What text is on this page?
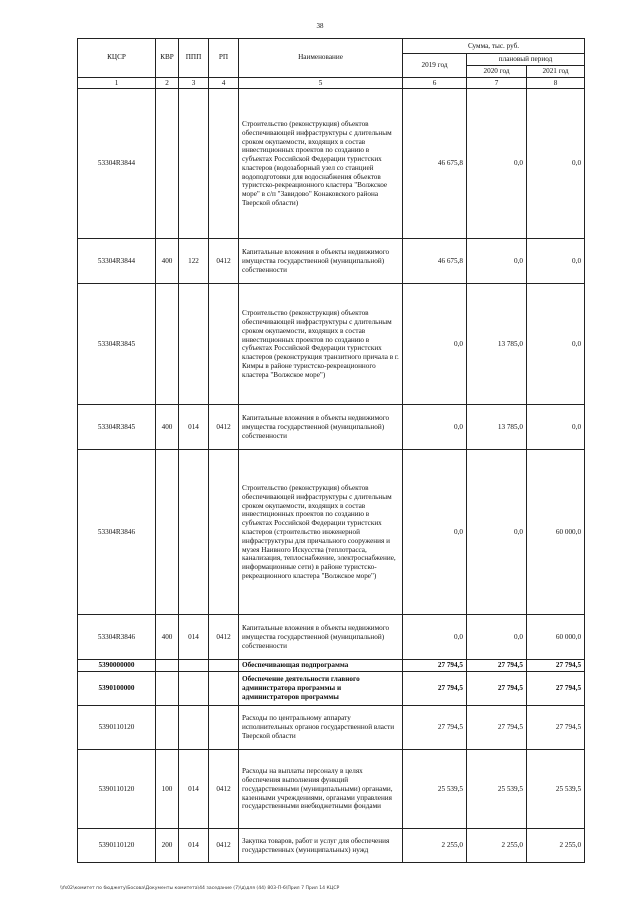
38
КЦСР	КВР	ППП	РП	Наименование	Сумма, тыс. руб.		
					2019 год	плановый период	
						2020 год	2021 год
1	2	3	4	5	6	7	8
53304R3844				Строительство (реконструкция) объектов обеспечивающей инфраструктуры с длительным сроком окупаемости, входящих в состав инвестиционных проектов по созданию в субъектах Российской Федерации туристских кластеров (водозаборный узел со станцией водоподготовки для водоснабжения объектов туристско-рекреационного кластера "Волжское море" в с/п "Завидово" Конаковского района Тверской области)	46 675,8	0,0	0,0
53304R3844	400	122	0412	Капитальные вложения в объекты недвижимого имущества государственной (муниципальной) собственности	46 675,8	0,0	0,0
53304R3845				Строительство (реконструкция) объектов обеспечивающей инфраструктуры с длительным сроком окупаемости, входящих в состав инвестиционных проектов по созданию в субъектах Российской Федерации туристских кластеров (реконструкция транзитного причала в г. Кимры в районе туристско-рекреационного кластера "Волжское море")	0,0	13 785,0	0,0
53304R3845	400	014	0412	Капитальные вложения в объекты недвижимого имущества государственной (муниципальной) собственности	0,0	13 785,0	0,0
53304R3846				Строительство (реконструкция) объектов обеспечивающей инфраструктуры с длительным сроком окупаемости, входящих в состав инвестиционных проектов по созданию в субъектах Российской Федерации туристских кластеров (строительство инженерной инфраструктуры для причального сооружения и музея Наивного Искусства (теплотрасса, канализация, теплоснабжение, электроснабжение, информационные сети) в районе туристско-рекреационного кластера "Волжское море")	0,0	0,0	60 000,0
53304R3846	400	014	0412	Капитальные вложения в объекты недвижимого имущества государственной (муниципальной) собственности	0,0	0,0	60 000,0
5390000000				Обеспечивающая подпрограмма	27 794,5	27 794,5	27 794,5
5390100000				Обеспечение деятельности главного администратора программы и администраторов программы	27 794,5	27 794,5	27 794,5
5390110120				Расходы по центральному аппарату исполнительных органов государственной власти Тверской области	27 794,5	27 794,5	27 794,5
5390110120	100	014	0412	Расходы на выплаты персоналу в целях обеспечения выполнения функций государственными (муниципальными) органами, казенными учреждениями, органами управления государственными внебюджетными фондами	25 539,5	25 539,5	25 539,5
5390110120	200	014	0412	Закупка товаров, работ и услуг для обеспечения государственных (муниципальных) нужд	2 255,0	2 255,0	2 255,0
\\fs02\комитет по бюджету\Босова\Документы комитета\44 заседание (7)\д\для (44) 803-П-6\Прил 7 Прил 14 КЦСР
